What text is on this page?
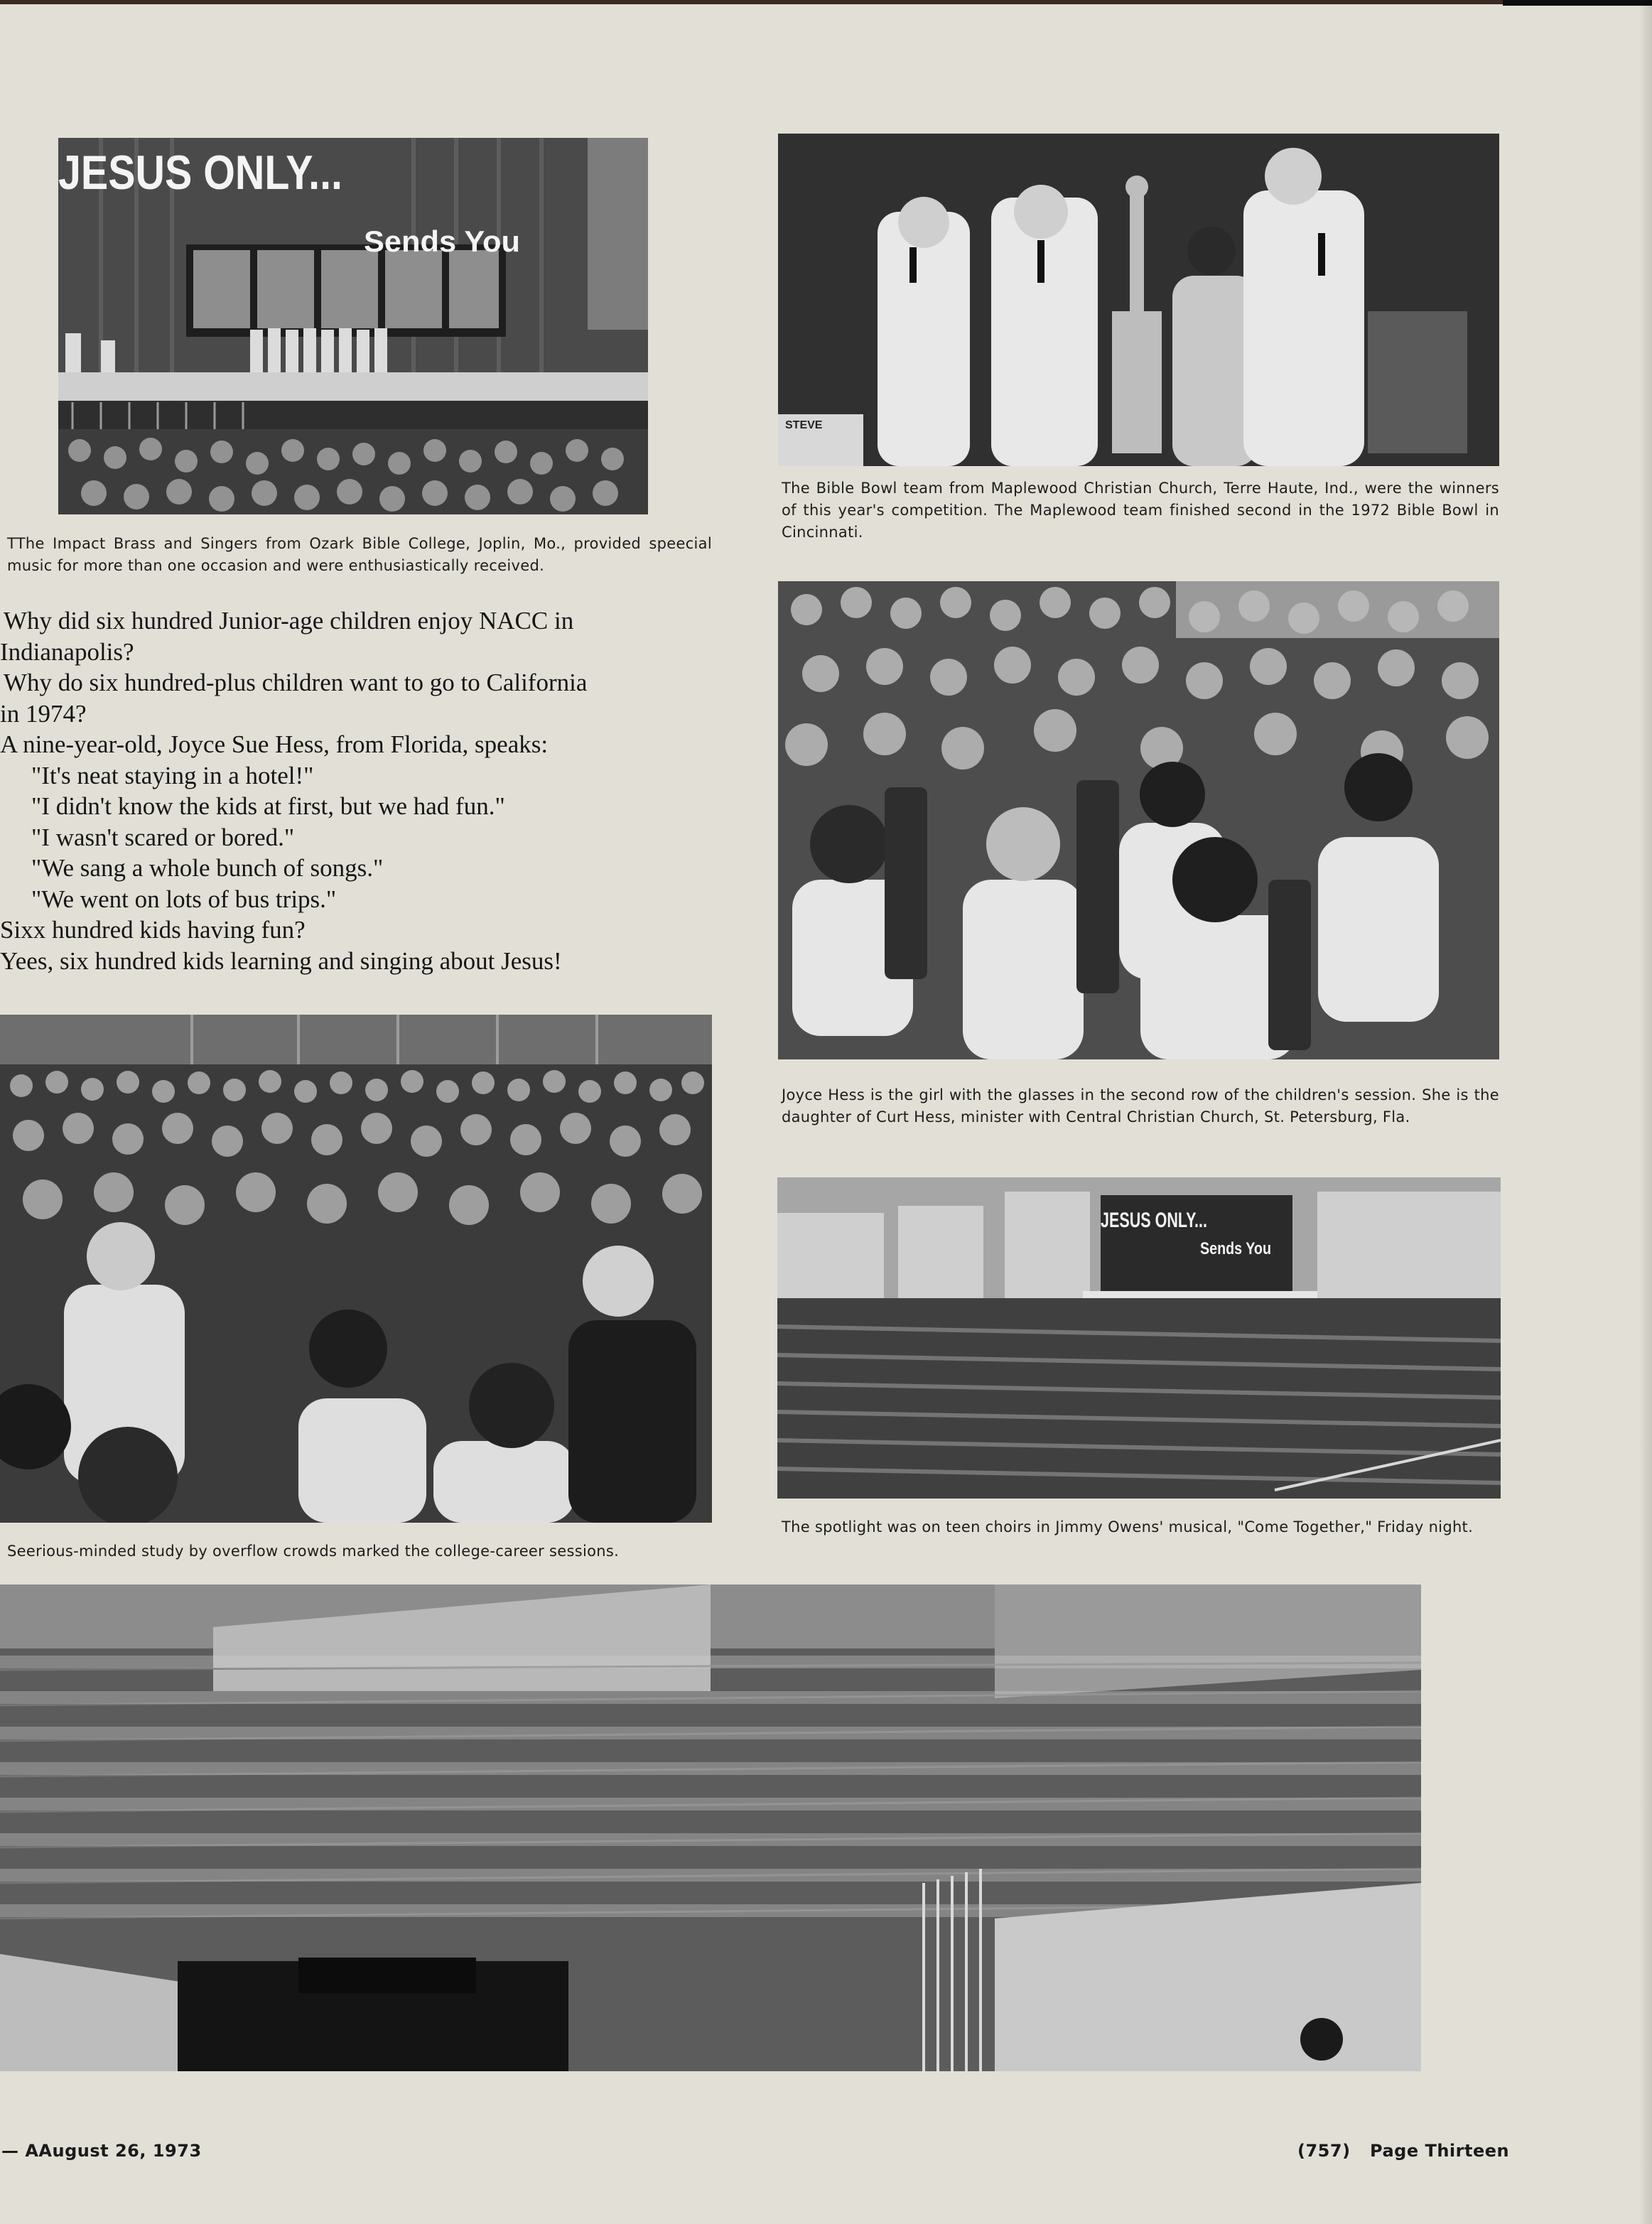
JESUS ONLY...
Sends You
TThe Impact Brass and Singers from Ozark Bible College, Joplin, Mo., provided speecial music for more than one occasion and were enthusiastically received.
STEVE
The Bible Bowl team from Maplewood Christian Church, Terre Haute, Ind., were the winners of this year's competition. The Maplewood team finished second in the 1972 Bible Bowl in Cincinnati.
Joyce Hess is the girl with the glasses in the second row of the children's session. She is the daughter of Curt Hess, minister with Central Christian Church, St. Petersburg, Fla.
JESUS ONLY...
Sends You
The spotlight was on teen choirs in Jimmy Owens' musical, "Come Together," Friday night.

Why did six hundred Junior-age children enjoy NACC in

Indianapolis?

Why do six hundred-plus children want to go to California

in 1974?

A nine-year-old, Joyce Sue Hess, from Florida, speaks:

"It's neat staying in a hotel!"

"I didn't know the kids at first, but we had fun."

"I wasn't scared or bored."

"We sang a whole bunch of songs."

"We went on lots of bus trips."

Sixx hundred kids having fun?

Yees, six hundred kids learning and singing about Jesus!

Seerious-minded study by overflow crowds marked the college-career sessions.
— AAugust 26, 1973	(757) Page Thirteen
